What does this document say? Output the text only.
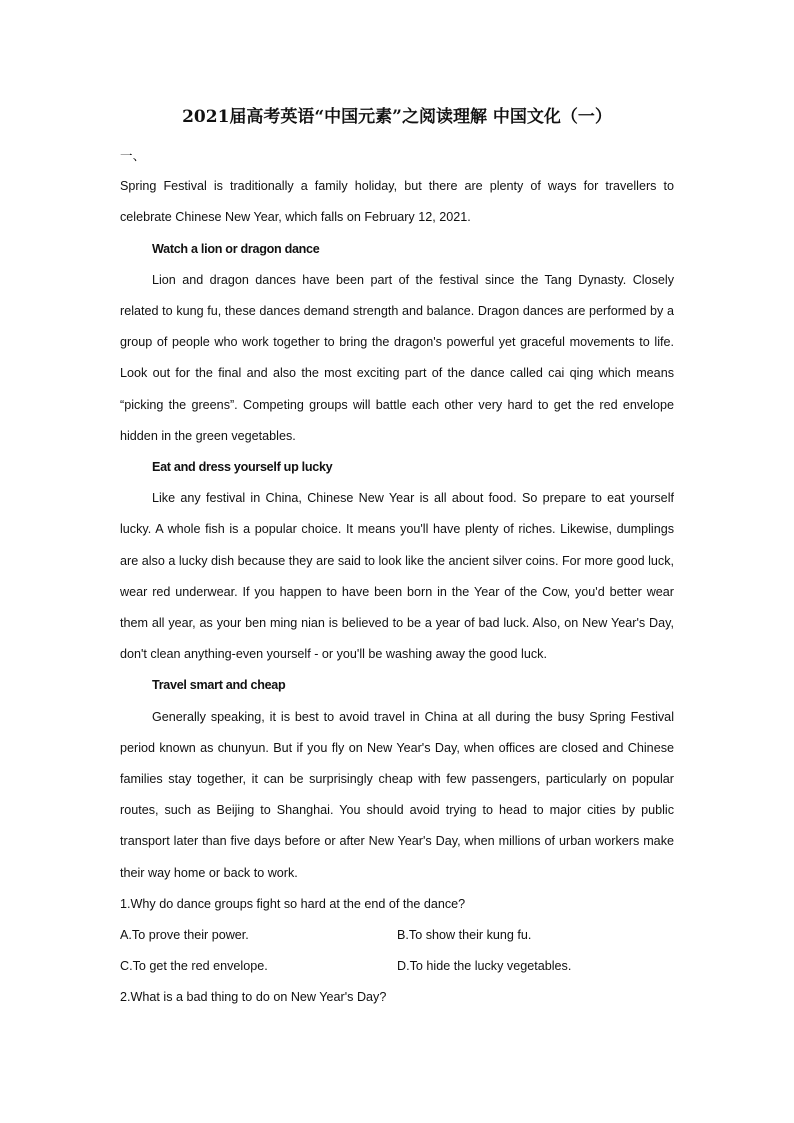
2021届高考英语“中国元素”之阅读理解 中国文化（一）

一、

Spring Festival is traditionally a family holiday, but there are plenty of ways for travellers to celebrate Chinese New Year, which falls on February 12, 2021.

Watch a lion or dragon dance

Lion and dragon dances have been part of the festival since the Tang Dynasty. Closely related to kung fu, these dances demand strength and balance. Dragon dances are performed by a group of people who work together to bring the dragon's powerful yet graceful movements to life. Look out for the final and also the most exciting part of the dance called cai qing which means “picking the greens”. Competing groups will battle each other very hard to get the red envelope hidden in the green vegetables.

Eat and dress yourself up lucky

Like any festival in China, Chinese New Year is all about food. So prepare to eat yourself lucky. A whole fish is a popular choice. It means you'll have plenty of riches. Likewise, dumplings are also a lucky dish because they are said to look like the ancient silver coins. For more good luck, wear red underwear. If you happen to have been born in the Year of the Cow, you'd better wear them all year, as your ben ming nian is believed to be a year of bad luck. Also, on New Year's Day, don't clean anything-even yourself - or you'll be washing away the good luck.

Travel smart and cheap

Generally speaking, it is best to avoid travel in China at all during the busy Spring Festival period known as chunyun. But if you fly on New Year's Day, when offices are closed and Chinese families stay together, it can be surprisingly cheap with few passengers, particularly on popular routes, such as Beijing to Shanghai. You should avoid trying to head to major cities by public transport later than five days before or after New Year's Day, when millions of urban workers make their way home or back to work.

1.Why do dance groups fight so hard at the end of the dance?

A.To prove their power.	B.To show their kung fu.
C.To get the red envelope.	D.To hide the lucky vegetables.

2.What is a bad thing to do on New Year's Day?
